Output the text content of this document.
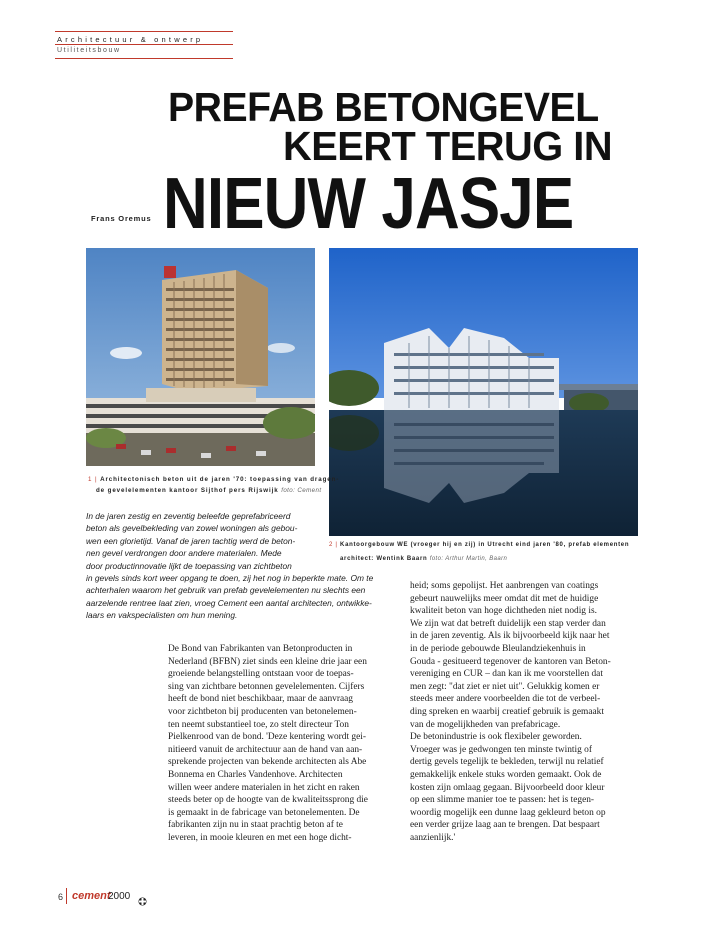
Architectuur & ontwerp
Utiliteitsbouw
PREFAB BETONGEVEL
KEERT TERUG IN
NIEUW JASJE
Frans Oremus
1 | Architectonisch beton uit de jaren '70: toepassing van dragen-
de gevelelementen kantoor Sijthof pers Rijswijk foto: Cement
2 | Kantoorgebouw WE (vroeger hij en zij) in Utrecht eind jaren '80, prefab elementen
architect: Wentink Baarn foto: Arthur Martin, Baarn
In de jaren zestig en zeventig beleefde geprefabriceerd
beton als gevelbekleding van zowel woningen als gebou-
wen een glorietijd. Vanaf de jaren tachtig werd de beton-
nen gevel verdrongen door andere materialen. Mede
door productinnovatie lijkt de toepassing van zichtbeton
in gevels sinds kort weer opgang te doen, zij het nog in beperkte mate. Om te
achterhalen waarom het gebruik van prefab gevelelementen nu slechts een
aarzelende rentree laat zien, vroeg Cement een aantal architecten, ontwikke-
laars en vakspecialisten om hun mening.
De Bond van Fabrikanten van Betonproducten in
Nederland (BFBN) ziet sinds een kleine drie jaar een
groeiende belangstelling ontstaan voor de toepas-
sing van zichtbare betonnen gevelelementen. Cijfers
heeft de bond niet beschikbaar, maar de aanvraag
voor zichtbeton bij producenten van betonelemen-
ten neemt substantieel toe, zo stelt directeur Ton
Pielkenrood van de bond. 'Deze kentering wordt gei-
nitieerd vanuit de architectuur aan de hand van aan-
sprekende projecten van bekende architecten als Abe
Bonnema en Charles Vandenhove. Architecten
willen weer andere materialen in het zicht en raken
steeds beter op de hoogte van de kwaliteitssprong die
is gemaakt in de fabricage van betonelementen. De
fabrikanten zijn nu in staat prachtig beton af te
leveren, in mooie kleuren en met een hoge dicht-
heid; soms gepolijst. Het aanbrengen van coatings
gebeurt nauwelijks meer omdat dit met de huidige
kwaliteit beton van hoge dichtheden niet nodig is.
We zijn wat dat betreft duidelijk een stap verder dan
in de jaren zeventig. Als ik bijvoorbeeld kijk naar het
in de periode gebouwde Bleulandziekenhuis in
Gouda - gesitueerd tegenover de kantoren van Beton-
vereniging en CUR – dan kan ik me voorstellen dat
men zegt: "dat ziet er niet uit". Gelukkig komen er
steeds meer andere voorbeelden die tot de verbeel-
ding spreken en waarbij creatief gebruik is gemaakt
van de mogelijkheden van prefabricage.
De betonindustrie is ook flexibeler geworden.
Vroeger was je gedwongen ten minste twintig of
dertig gevels tegelijk te bekleden, terwijl nu relatief
gemakkelijk enkele stuks worden gemaakt. Ook de
kosten zijn omlaag gegaan. Bijvoorbeeld door kleur
op een slimme manier toe te passen: het is tegen-
woordig mogelijk een dunne laag gekleurd beton op
een verder grijze laag aan te brengen. Dat bespaart
aanzienlijk.'
6 cement
2000
